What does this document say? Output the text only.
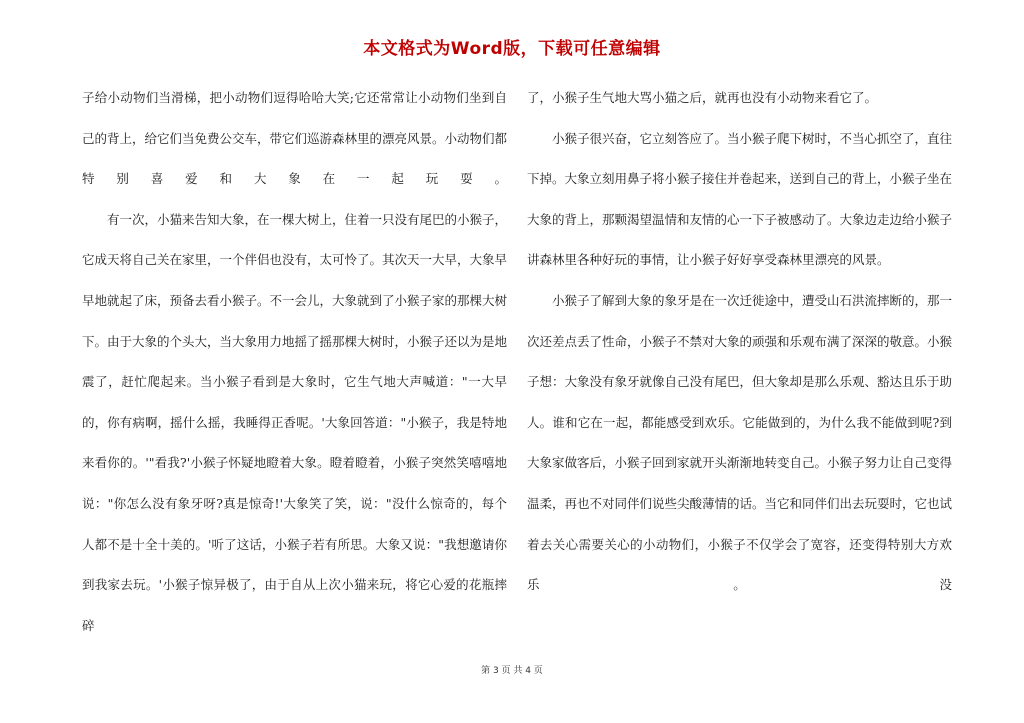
本文格式为Word版，下载可任意编辑

子给小动物们当滑梯，把小动物们逗得哈哈大笑;它还常常让小动物们坐到自己的背上，给它们当免费公交车，带它们巡游森林里的漂亮风景。小动物们都特别喜爱和大象在一起玩耍。

有一次，小猫来告知大象，在一棵大树上，住着一只没有尾巴的小猴子，它成天将自己关在家里，一个伴侣也没有，太可怜了。其次天一大早，大象早早地就起了床，预备去看小猴子。不一会儿，大象就到了小猴子家的那棵大树下。由于大象的个头大，当大象用力地摇了摇那棵大树时，小猴子还以为是地震了，赶忙爬起来。当小猴子看到是大象时，它生气地大声喊道："一大早的，你有病啊，摇什么摇，我睡得正香呢。'大象回答道："小猴子，我是特地来看你的。'"看我?'小猴子怀疑地瞪着大象。瞪着瞪着，小猴子突然笑嘻嘻地说："你怎么没有象牙呀?真是惊奇!'大象笑了笑，说："没什么惊奇的，每个人都不是十全十美的。'听了这话，小猴子若有所思。大象又说："我想邀请你到我家去玩。'小猴子惊异极了，由于自从上次小猫来玩，将它心爱的花瓶摔碎

了，小猴子生气地大骂小猫之后，就再也没有小动物来看它了。

小猴子很兴奋，它立刻答应了。当小猴子爬下树时，不当心抓空了，直往下掉。大象立刻用鼻子将小猴子接住并卷起来，送到自己的背上，小猴子坐在大象的背上，那颗渴望温情和友情的心一下子被感动了。大象边走边给小猴子讲森林里各种好玩的事情，让小猴子好好享受森林里漂亮的风景。

小猴子了解到大象的象牙是在一次迁徙途中，遭受山石洪流摔断的，那一次还差点丢了性命，小猴子不禁对大象的顽强和乐观布满了深深的敬意。小猴子想：大象没有象牙就像自己没有尾巴，但大象却是那么乐观、豁达且乐于助人。谁和它在一起，都能感受到欢乐。它能做到的，为什么我不能做到呢?到大象家做客后，小猴子回到家就开头渐渐地转变自己。小猴子努力让自己变得温柔，再也不对同伴们说些尖酸薄情的话。当它和同伴们出去玩耍时，它也试着去关心需要关心的小动物们，小猴子不仅学会了宽容，还变得特别大方欢乐。没

第 3 页 共 4 页
